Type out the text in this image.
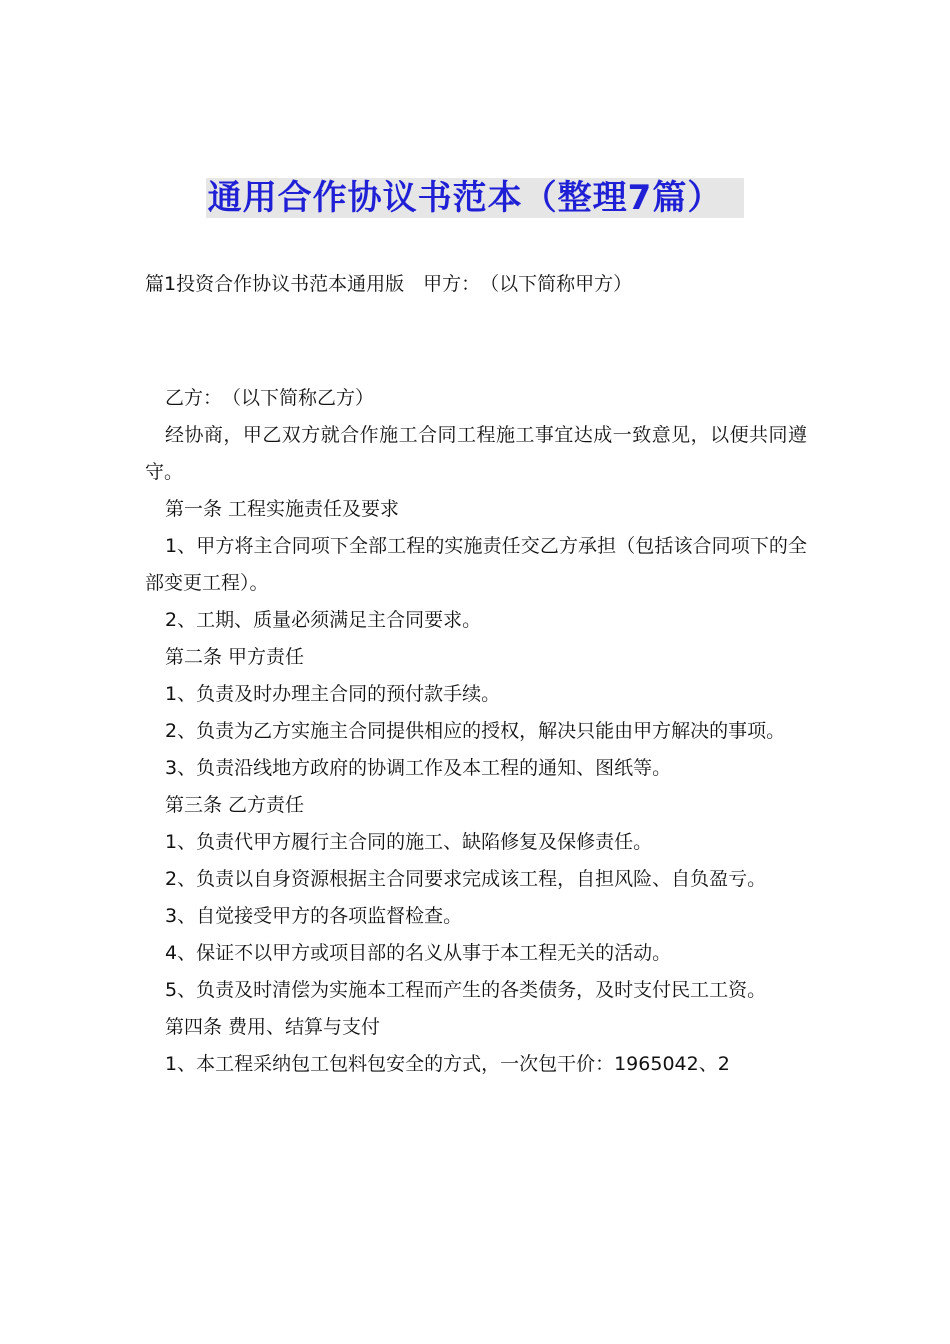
通用合作协议书范本（整理7篇）
篇1投资合作协议书范本通用版　甲方：　（以下简称甲方）

乙方：　（以下简称乙方）

经协商，甲乙双方就合作施工合同工程施工事宜达成一致意见，以便共同遵守。

第一条 工程实施责任及要求

1、甲方将主合同项下全部工程的实施责任交乙方承担（包括该合同项下的全部变更工程）。

2、工期、质量必须满足主合同要求。

第二条 甲方责任

1、负责及时办理主合同的预付款手续。

2、负责为乙方实施主合同提供相应的授权，解决只能由甲方解决的事项。

3、负责沿线地方政府的协调工作及本工程的通知、图纸等。

第三条 乙方责任

1、负责代甲方履行主合同的施工、缺陷修复及保修责任。

2、负责以自身资源根据主合同要求完成该工程，自担风险、自负盈亏。

3、自觉接受甲方的各项监督检查。

4、保证不以甲方或项目部的名义从事于本工程无关的活动。

5、负责及时清偿为实施本工程而产生的各类债务，及时支付民工工资。

第四条 费用、结算与支付

1、本工程采纳包工包料包安全的方式，一次包干价：1965042、2
